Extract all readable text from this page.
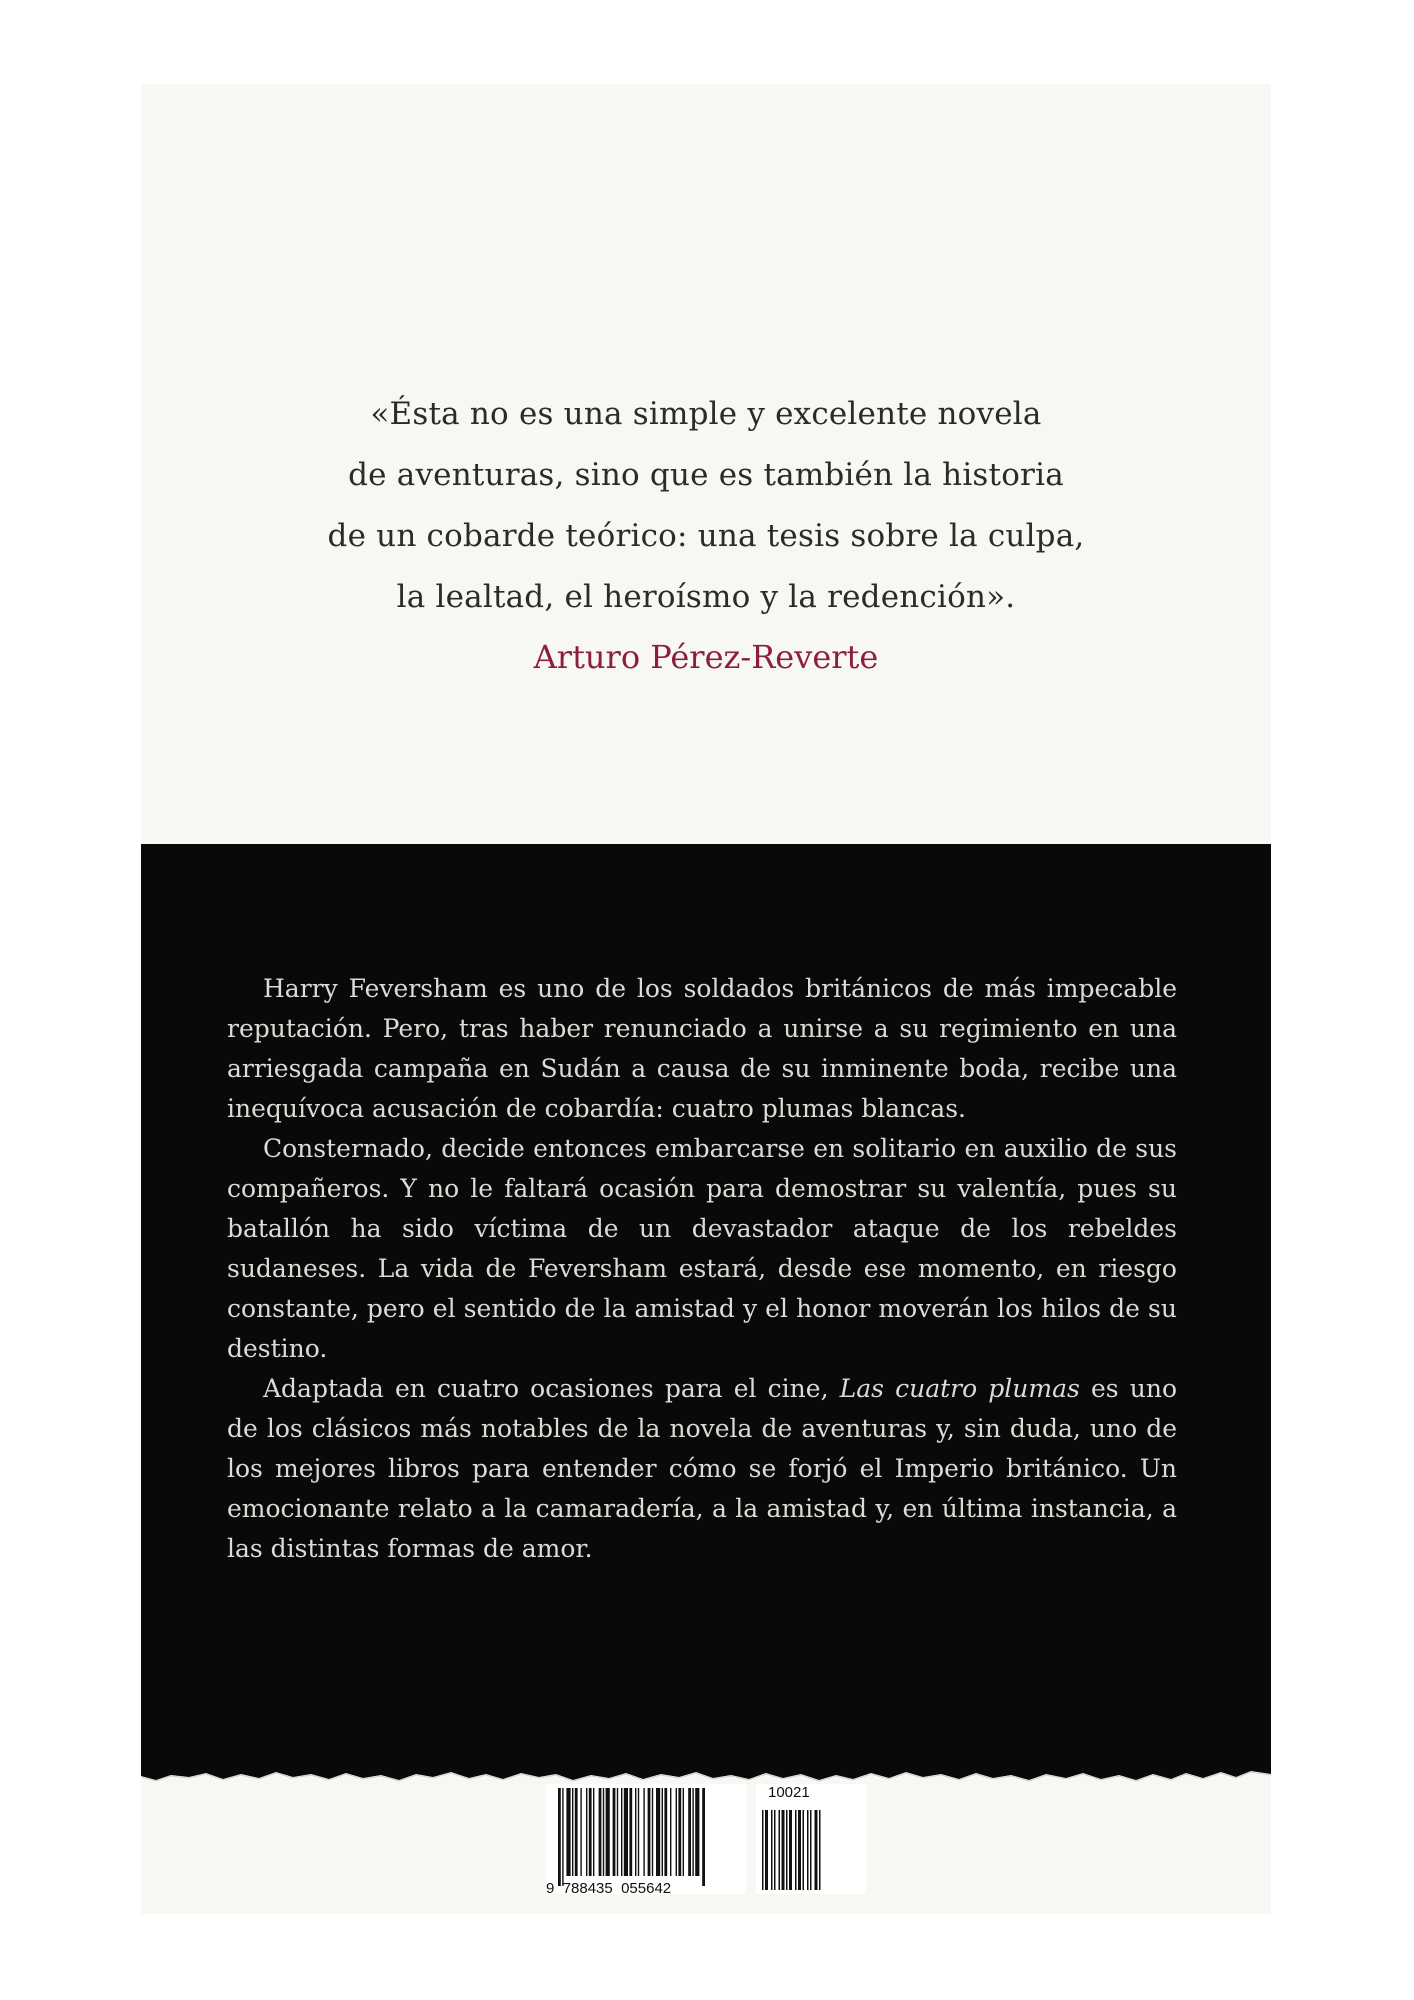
«Ésta no es una simple y excelente novela
de aventuras, sino que es también la historia
de un cobarde teórico: una tesis sobre la culpa,
la lealtad, el heroísmo y la redención».
Arturo Pérez-Reverte

Harry Feversham es uno de los soldados británicos de más impecable reputación. Pero, tras haber renunciado a unirse a su regimiento en una arriesgada campaña en Sudán a causa de su inminente boda, recibe una inequívoca acusación de cobardía: cuatro plumas blancas.

Consternado, decide entonces embarcarse en solitario en auxilio de sus compañeros. Y no le faltará ocasión para demostrar su valentía, pues su batallón ha sido víctima de un devastador ataque de los rebeldes sudaneses. La vida de Feversham estará, desde ese momento, en riesgo constante, pero el sentido de la amistad y el honor moverán los hilos de su destino.

Adaptada en cuatro ocasiones para el cine, Las cuatro plumas es uno de los clásicos más notables de la novela de aventuras y, sin duda, uno de los mejores libros para entender cómo se forjó el Imperio británico. Un emocionante relato a la camaradería, a la amistad y, en última instancia, a las distintas formas de amor.

10021
9 788435 055642
